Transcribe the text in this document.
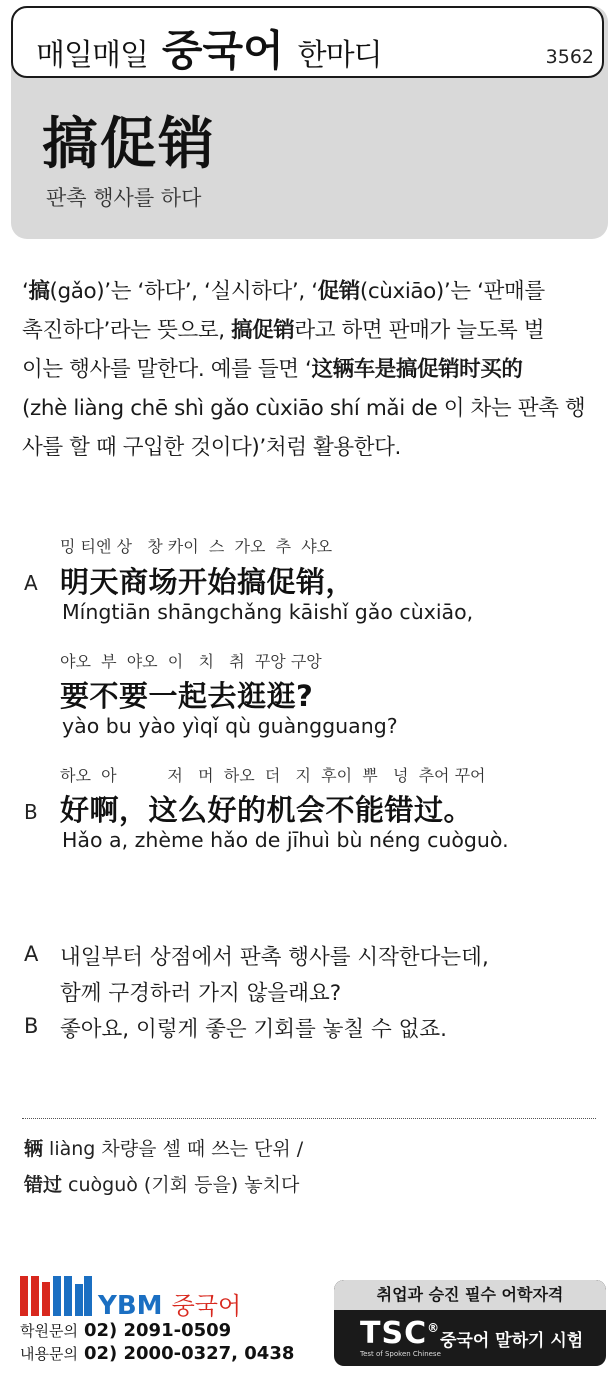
매일매일 중국어 한마디	3562
搞促销
판촉 행사를 하다
‘搞(gǎo)’는 ‘하다’, ‘실시하다’, ‘促销(cùxiāo)’는 ‘판매를
촉진하다’라는 뜻으로, 搞促销라고 하면 판매가 늘도록 벌
이는 행사를 말한다. 예를 들면 ‘这辆车是搞促销时买的
(zhè liàng chē shì gǎo cùxiāo shí mǎi de 이 차는 판촉 행
사를 할 때 구입한 것이다)’처럼 활용한다.
밍 티엔 상   창 카이  스  가오  추  샤오
A 明天商场开始搞促销，
Míngtiān shāngchǎng kāishǐ gǎo cùxiāo,
야오  부  야오  이   치   취  꾸앙 구앙
要不要一起去逛逛?
yào bu yào yìqǐ qù guàngguang?
하오  아          저   머  하오  더   지  후이  뿌   넝  추어 꾸어
B 好啊，这么好的机会不能错过。
Hǎo a, zhème hǎo de jīhuì bù néng cuòguò.
A 내일부터 상점에서 판촉 행사를 시작한다는데,
함께 구경하러 가지 않을래요?
B 좋아요, 이렇게 좋은 기회를 놓칠 수 없죠.
辆 liàng 차량을 셀 때 쓰는 단위 /
错过 cuòguò (기회 등을) 놓치다
YBM 중국어
학원문의 02) 2091-0509
내용문의 02) 2000-0327, 0438
취업과 승진 필수 어학자격
TSC®
Test of Spoken Chinese
중국어 말하기 시험
